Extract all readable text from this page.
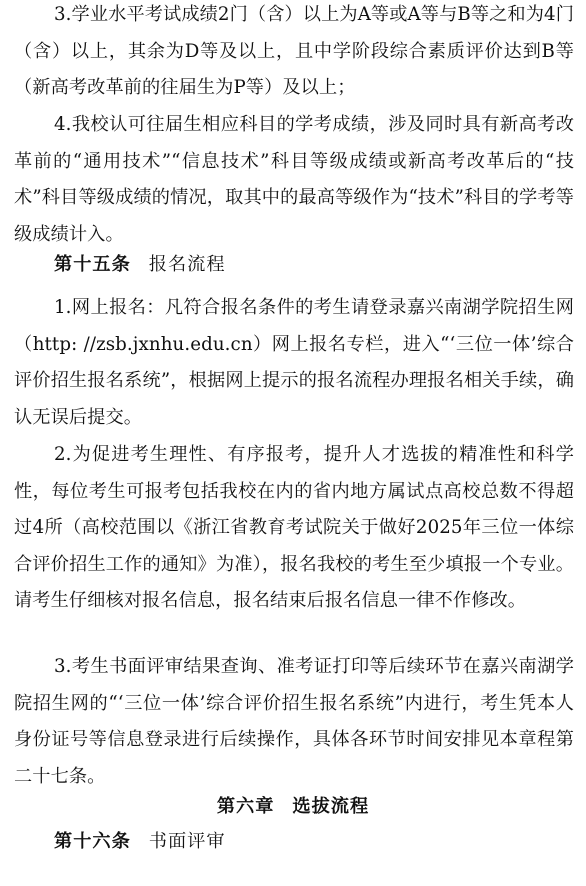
3.学业水平考试成绩2门（含）以上为A等或A等与B等之和为4门（含）以上，其余为D等及以上，且中学阶段综合素质评价达到B等（新高考改革前的往届生为P等）及以上；

4.我校认可往届生相应科目的学考成绩，涉及同时具有新高考改革前的“通用技术”“信息技术”科目等级成绩或新高考改革后的“技术”科目等级成绩的情况，取其中的最高等级作为“技术”科目的学考等级成绩计入。

第十五条 报名流程

1.网上报名：凡符合报名条件的考生请登录嘉兴南湖学院招生网（http: //zsb.jxnhu.edu.cn）网上报名专栏，进入“‘三位一体’综合评价招生报名系统”，根据网上提示的报名流程办理报名相关手续，确认无误后提交。

2.为促进考生理性、有序报考，提升人才选拔的精准性和科学性，每位考生可报考包括我校在内的省内地方属试点高校总数不得超过4所（高校范围以《浙江省教育考试院关于做好2025年三位一体综合评价招生工作的通知》为准），报名我校的考生至少填报一个专业。请考生仔细核对报名信息，报名结束后报名信息一律不作修改。

3.考生书面评审结果查询、准考证打印等后续环节在嘉兴南湖学院招生网的“‘三位一体’综合评价招生报名系统”内进行，考生凭本人身份证号等信息登录进行后续操作，具体各环节时间安排见本章程第二十七条。

第六章 选拔流程
第十六条 书面评审
